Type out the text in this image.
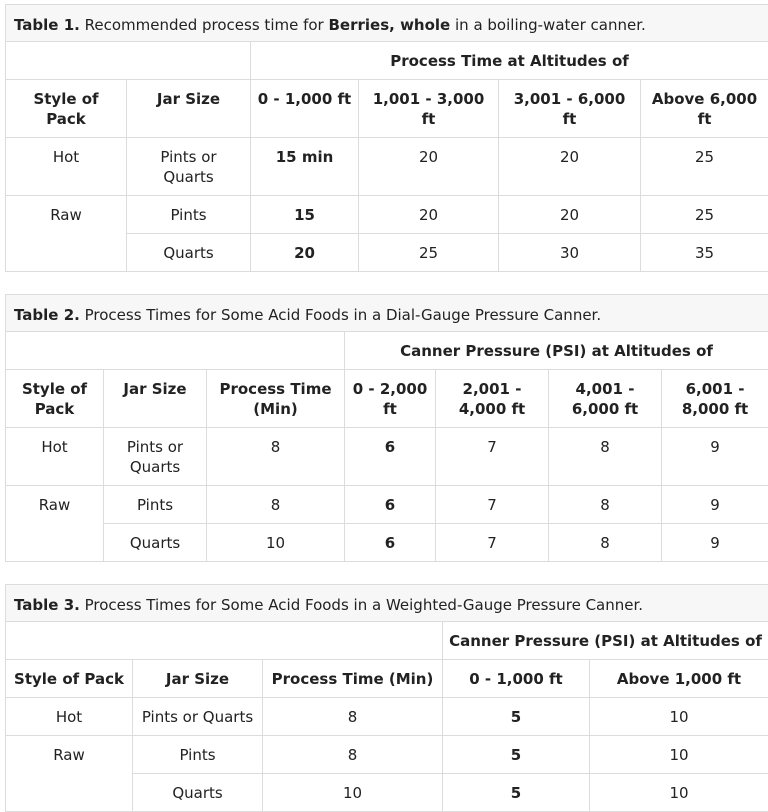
Table 1. Recommended process time for Berries, whole in a boiling-water canner.					
		Process Time at Altitudes of			
Style of Pack	Jar Size	0 - 1,000 ft	1,001 - 3,000 ft	3,001 - 6,000 ft	Above 6,000 ft
Hot	Pints or Quarts	15 min	20	20	25
Raw	Pints	15	20	20	25
	Quarts	20	25	30	35
Table 2. Process Times for Some Acid Foods in a Dial-Gauge Pressure Canner.						
			Canner Pressure (PSI) at Altitudes of			
Style of Pack	Jar Size	Process Time (Min)	0 - 2,000 ft	2,001 - 4,000 ft	4,001 - 6,000 ft	6,001 - 8,000 ft
Hot	Pints or Quarts	8	6	7	8	9
Raw	Pints	8	6	7	8	9
	Quarts	10	6	7	8	9
Table 3. Process Times for Some Acid Foods in a Weighted-Gauge Pressure Canner.				
			Canner Pressure (PSI) at Altitudes of	
Style of Pack	Jar Size	Process Time (Min)	0 - 1,000 ft	Above 1,000 ft
Hot	Pints or Quarts	8	5	10
Raw	Pints	8	5	10
	Quarts	10	5	10
